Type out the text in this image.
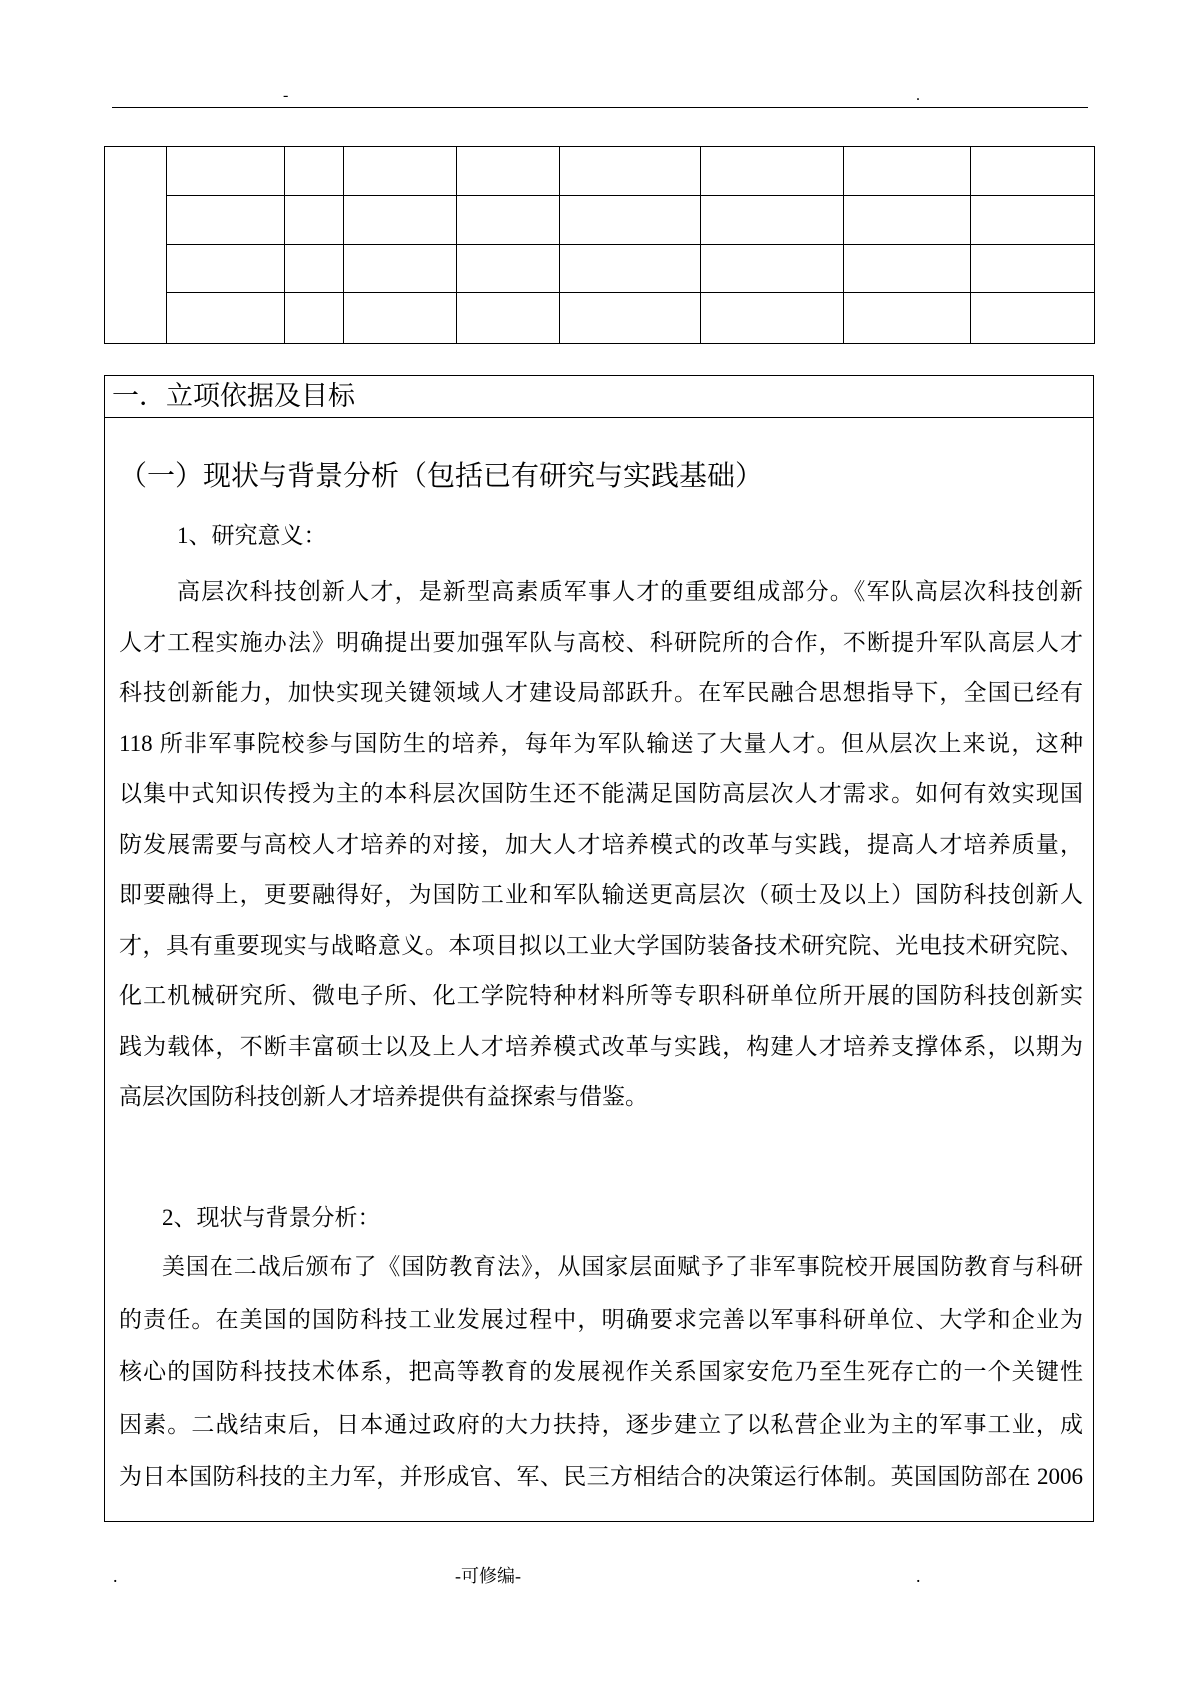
-	.

一．立项依据及目标
（一）现状与背景分析（包括已有研究与实践基础）
1、研究意义：
高层次科技创新人才，是新型高素质军事人才的重要组成部分。《军队高层次科技创新
人才工程实施办法》明确提出要加强军队与高校、科研院所的合作，不断提升军队高层人才
科技创新能力，加快实现关键领域人才建设局部跃升。在军民融合思想指导下，全国已经有
118 所非军事院校参与国防生的培养，每年为军队输送了大量人才。但从层次上来说，这种
以集中式知识传授为主的本科层次国防生还不能满足国防高层次人才需求。如何有效实现国
防发展需要与高校人才培养的对接，加大人才培养模式的改革与实践，提高人才培养质量，
即要融得上，更要融得好，为国防工业和军队输送更高层次（硕士及以上）国防科技创新人
才，具有重要现实与战略意义。本项目拟以工业大学国防装备技术研究院、光电技术研究院、
化工机械研究所、微电子所、化工学院特种材料所等专职科研单位所开展的国防科技创新实
践为载体，不断丰富硕士以及上人才培养模式改革与实践，构建人才培养支撑体系，以期为
高层次国防科技创新人才培养提供有益探索与借鉴。
2、现状与背景分析：
美国在二战后颁布了《国防教育法》，从国家层面赋予了非军事院校开展国防教育与科研
的责任。在美国的国防科技工业发展过程中，明确要求完善以军事科研单位、大学和企业为
核心的国防科技技术体系，把高等教育的发展视作关系国家安危乃至生死存亡的一个关键性
因素。二战结束后，日本通过政府的大力扶持，逐步建立了以私营企业为主的军事工业，成
为日本国防科技的主力军，并形成官、军、民三方相结合的决策运行体制。英国国防部在 2006
.	-可修编-	.
